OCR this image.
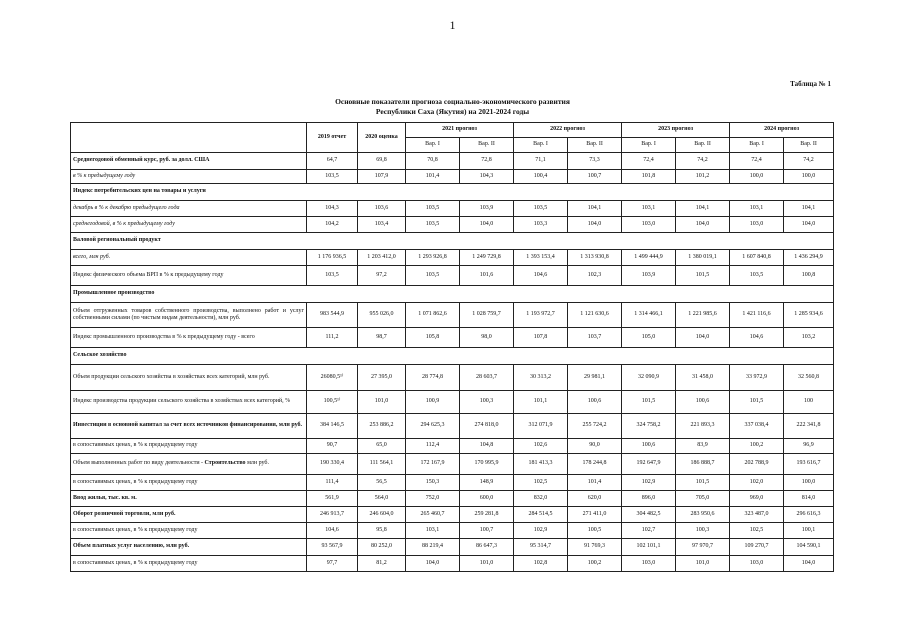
1
Таблица № 1
Основные показатели прогноза социально-экономического развития
Республики Саха (Якутия) на 2021-2024 годы
	2019 отчет	2020 оценка	2021 прогноз		2022 прогноз		2023 прогноз		2024 прогноз	
			Вар. I	Вар. II	Вар. I	Вар. II	Вар. I	Вар. II	Вар. I	Вар. II
Среднегодовой обменный курс, руб. за долл. США	64,7	69,8	70,8	72,8	71,1	73,3	72,4	74,2	72,4	74,2
в % к предыдущему году	103,5	107,9	101,4	104,3	100,4	100,7	101,8	101,2	100,0	100,0
Индекс потребительских цен на товары и услуги										
декабрь в % к декабрю предыдущего года	104,3	103,6	103,5	103,9	103,5	104,1	103,1	104,1	103,1	104,1
среднегодовой, в % к предыдущему году	104,2	103,4	103,5	104,0	103,3	104,0	103,0	104,0	103,0	104,0
Валовой региональный продукт										
всего, млн руб.	1 176 936,5	1 203 412,0	1 293 926,8	1 249 729,8	1 393 153,4	1 313 930,8	1 499 444,9	1 380 019,1	1 607 840,8	1 436 294,9
Индекс физического объема ВРП в % к предыдущему году	103,5	97,2	103,5	101,6	104,6	102,3	103,9	101,5	103,5	100,8
Промышленное производство										
Объем отгруженных товаров собственного производства, выполнено работ и услуг собственными силами (по чистым видам деятельности), млн руб.	983 544,9	955 026,0	1 071 862,6	1 028 759,7	1 193 972,7	1 121 630,6	1 314 466,1	1 221 985,6	1 421 116,6	1 285 934,6
Индекс промышленного производства в % к предыдущему году - всего	111,2	98,7	105,8	98,0	107,8	103,7	105,0	104,0	104,6	103,2
Сельское хозяйство										
Объем продукции сельского хозяйства в хозяйствах всех категорий, млн руб.	26080,5¹⁾	27 395,0	28 774,8	28 603,7	30 313,2	29 981,1	32 090,9	31 458,0	33 972,9	32 560,8
Индекс производства продукции сельского хозяйства в хозяйствах всех категорий, %	100,5¹⁾	101,0	100,9	100,3	101,1	100,6	101,5	100,6	101,5	100
Инвестиции в основной капитал за счет всех источников финансирования, млн руб.	384 146,5	253 886,2	294 625,3	274 818,0	312 071,9	255 724,2	324 758,2	221 893,3	337 038,4	222 341,8
в сопоставимых ценах, в % к предыдущему году	90,7	65,0	112,4	104,8	102,6	90,0	100,6	83,9	100,2	96,9
Объем выполненных работ по виду деятельности - Строительство млн руб.	190 330,4	111 564,1	172 167,9	170 995,9	181 413,3	178 244,8	192 647,9	186 888,7	202 788,9	193 616,7
в сопоставимых ценах, в % к предыдущему году	111,4	56,5	150,3	148,9	102,5	101,4	102,9	101,5	102,0	100,0
Ввод жилья, тыс. кв. м.	561,9	564,0	752,0	600,0	832,0	620,0	896,0	705,0	969,0	814,0
Оборот розничной торговли, млн руб.	246 913,7	246 604,0	265 460,7	259 281,8	284 514,5	271 411,0	304 482,5	283 950,6	323 487,0	296 616,3
в сопоставимых ценах, в % к предыдущему году	104,6	95,8	103,1	100,7	102,9	100,5	102,7	100,3	102,5	100,1
Объем платных услуг населению, млн руб.	93 567,9	80 252,0	88 219,4	86 647,3	95 314,7	91 769,3	102 101,1	97 970,7	109 270,7	104 590,1
в сопоставимых ценах, в % к предыдущему году	97,7	81,2	104,0	101,0	102,8	100,2	103,0	101,0	103,0	104,0
